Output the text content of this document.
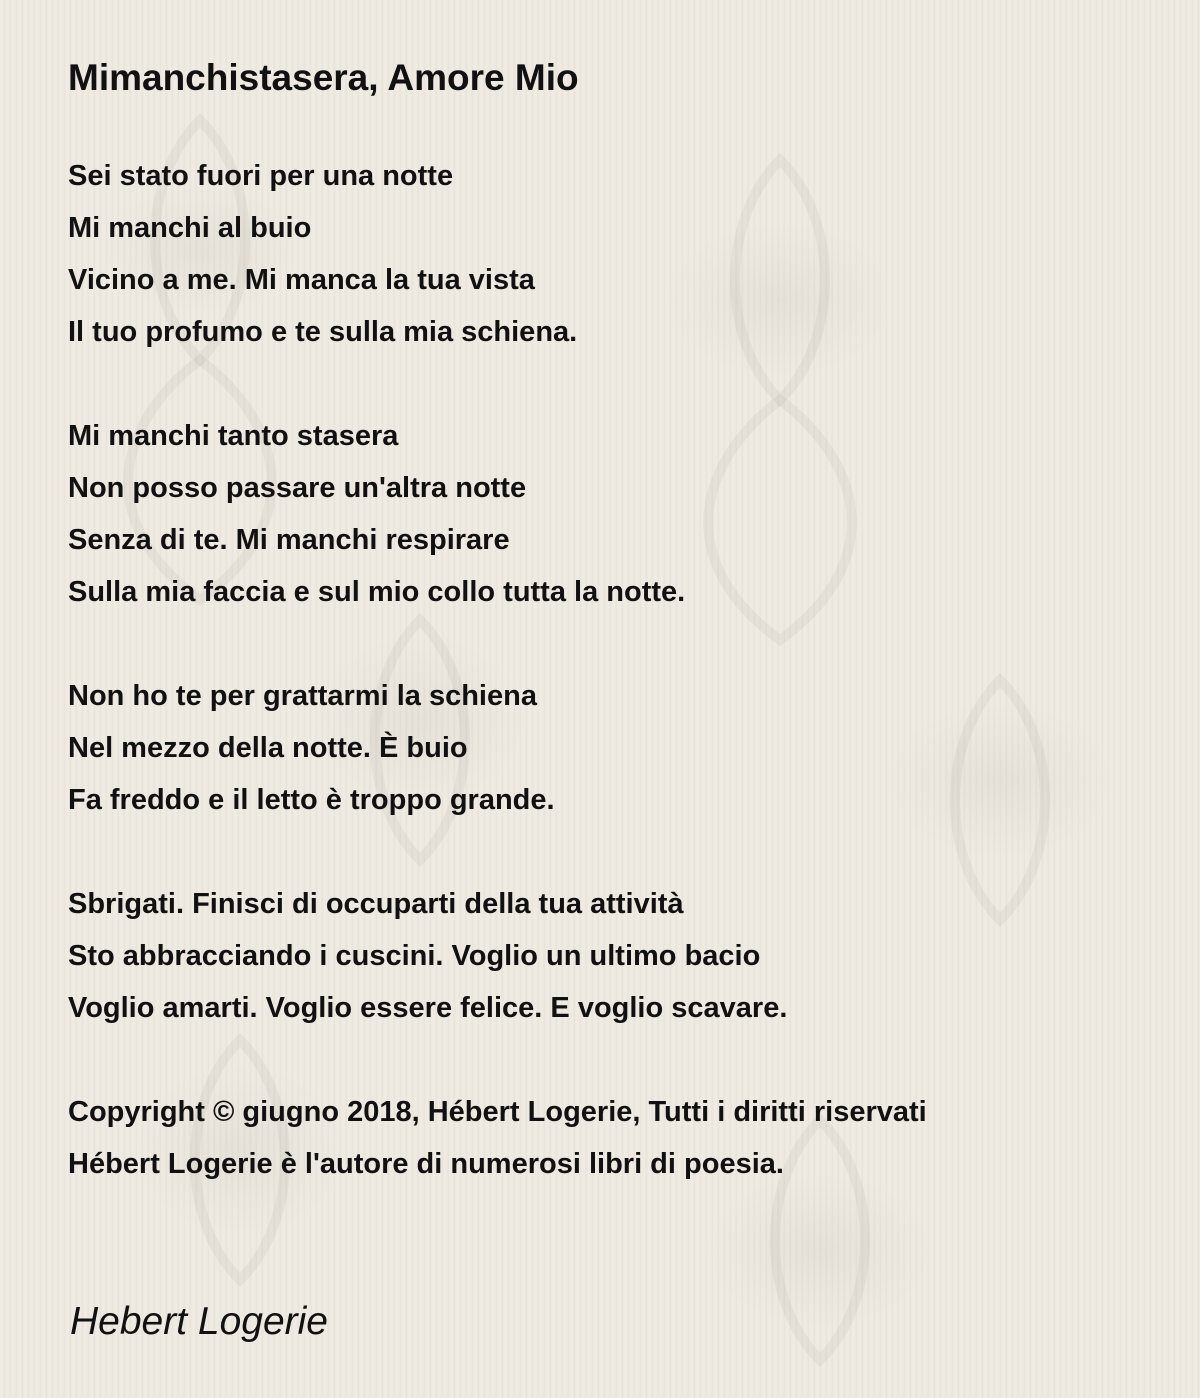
Mimanchistasera, Amore Mio
Sei stato fuori per una notte
Mi manchi al buio
Vicino a me. Mi manca la tua vista
Il tuo profumo e te sulla mia schiena.
Mi manchi tanto stasera
Non posso passare un'altra notte
Senza di te. Mi manchi respirare
Sulla mia faccia e sul mio collo tutta la notte.
Non ho te per grattarmi la schiena
Nel mezzo della notte. È buio
Fa freddo e il letto è troppo grande.
Sbrigati. Finisci di occuparti della tua attività
Sto abbracciando i cuscini. Voglio un ultimo bacio
Voglio amarti. Voglio essere felice. E voglio scavare.
Copyright © giugno 2018, Hébert Logerie, Tutti i diritti riservati
Hébert Logerie è l'autore di numerosi libri di poesia.
Hebert Logerie
